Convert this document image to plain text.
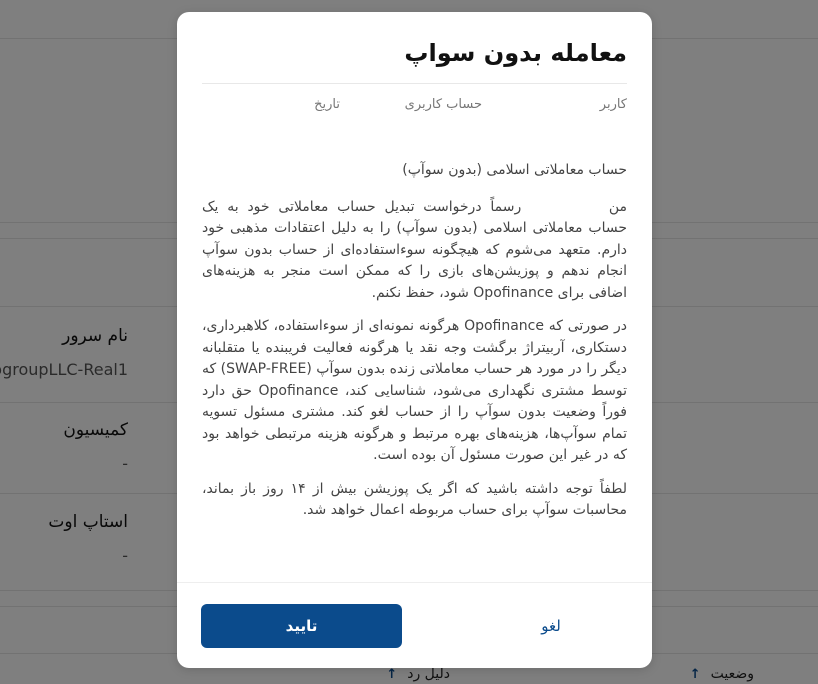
معامله بدون سواپ
کاربر
حساب کاربری
تاریخ
حساب معاملاتی اسلامی (بدون سوآپ)

من  رسماً درخواست تبدیل حساب معاملاتی خود به یک حساب معاملاتی اسلامی (بدون سوآپ) را به دلیل اعتقادات مذهبی خود دارم. متعهد می‌شوم که هیچگونه سوءاستفاده‌ای از حساب بدون سوآپ انجام ندهم و پوزیشن‌های بازی را که ممکن است منجر به هزینه‌های اضافی برای Opofinance شود، حفظ نکنم.

در صورتی که Opofinance هرگونه نمونه‌ای از سوءاستفاده، کلاهبرداری، دستکاری، آربیتراژ برگشت وجه نقد یا هرگونه فعالیت فریبنده یا متقلبانه دیگر را در مورد هر حساب معاملاتی زنده بدون سوآپ (SWAP-FREE) که توسط مشتری نگهداری می‌شود، شناسایی کند، Opofinance حق دارد فوراً وضعیت بدون سوآپ را از حساب لغو کند. مشتری مسئول تسویه تمام سوآپ‌ها، هزینه‌های بهره مرتبط و هرگونه هزینه مرتبطی خواهد بود که در غیر این صورت مسئول آن بوده است.

لطفاً توجه داشته باشید که اگر یک پوزیشن بیش از ۱۴ روز باز بماند، محاسبات سوآپ برای حساب مربوطه اعمال خواهد شد.

لغو
تایید
